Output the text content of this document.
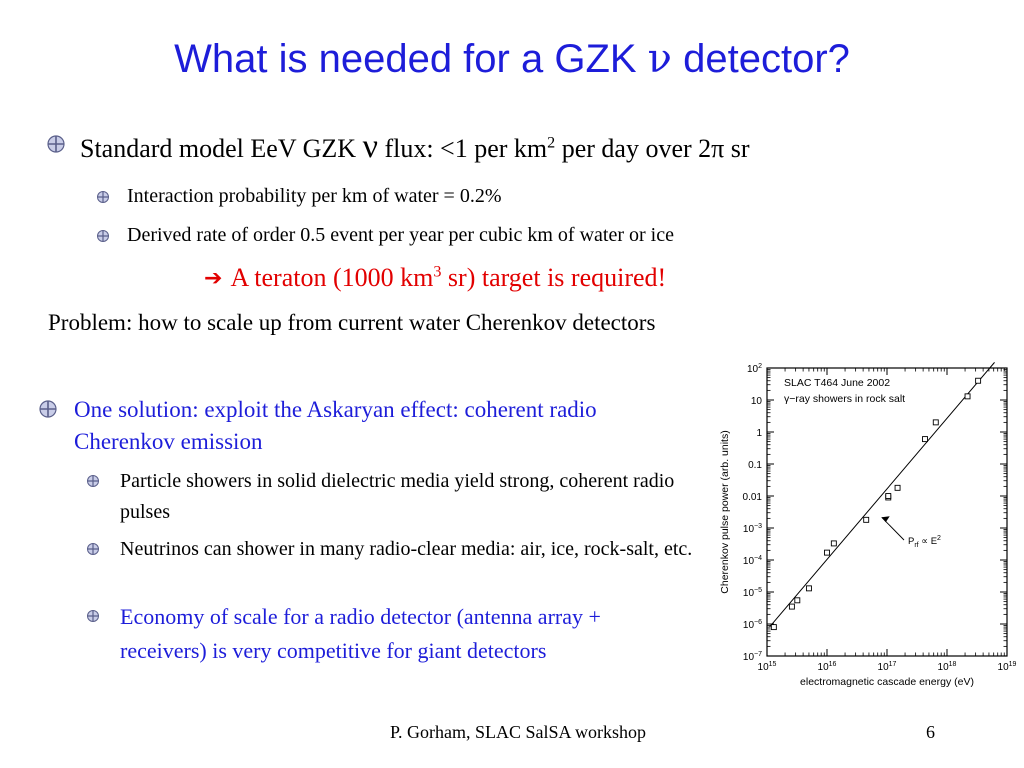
What is needed for a GZK ν detector?
Standard model EeV GZK ν flux: <1 per $km^2$ per day over 2π sr
Interaction probability per km of water = 0.2%
Derived rate of order 0.5 event per year per cubic km of water or ice
➔ A teraton (1000 $km^3$ sr) target is required!
Problem: how to scale up from current water Cherenkov detectors
One solution: exploit the Askaryan effect: coherent radio Cherenkov emission
Particle showers in solid dielectric media yield strong, coherent radio pulses
Neutrinos can shower in many radio-clear media: air, ice, rock-salt, etc.
Economy of scale for a radio detector (antenna array + receivers) is very competitive for giant detectors
$10^{15}$	$10^{16}$	$10^{17}$	$10^{18}$	$10^{19}$
$10^2$
10
1
0.1
0.01
$10^{-3}$
$10^{-4}$
$10^{-5}$
$10^{-6}$
$10^{-7}$
SLAC T464 June 2002
γ−ray showers in rock salt
electromagnetic cascade energy (eV)
Cherenkov pulse power (arb. units)	$P_{rf} \propto E^2$
P. Gorham, SLAC SalSA workshop	6
